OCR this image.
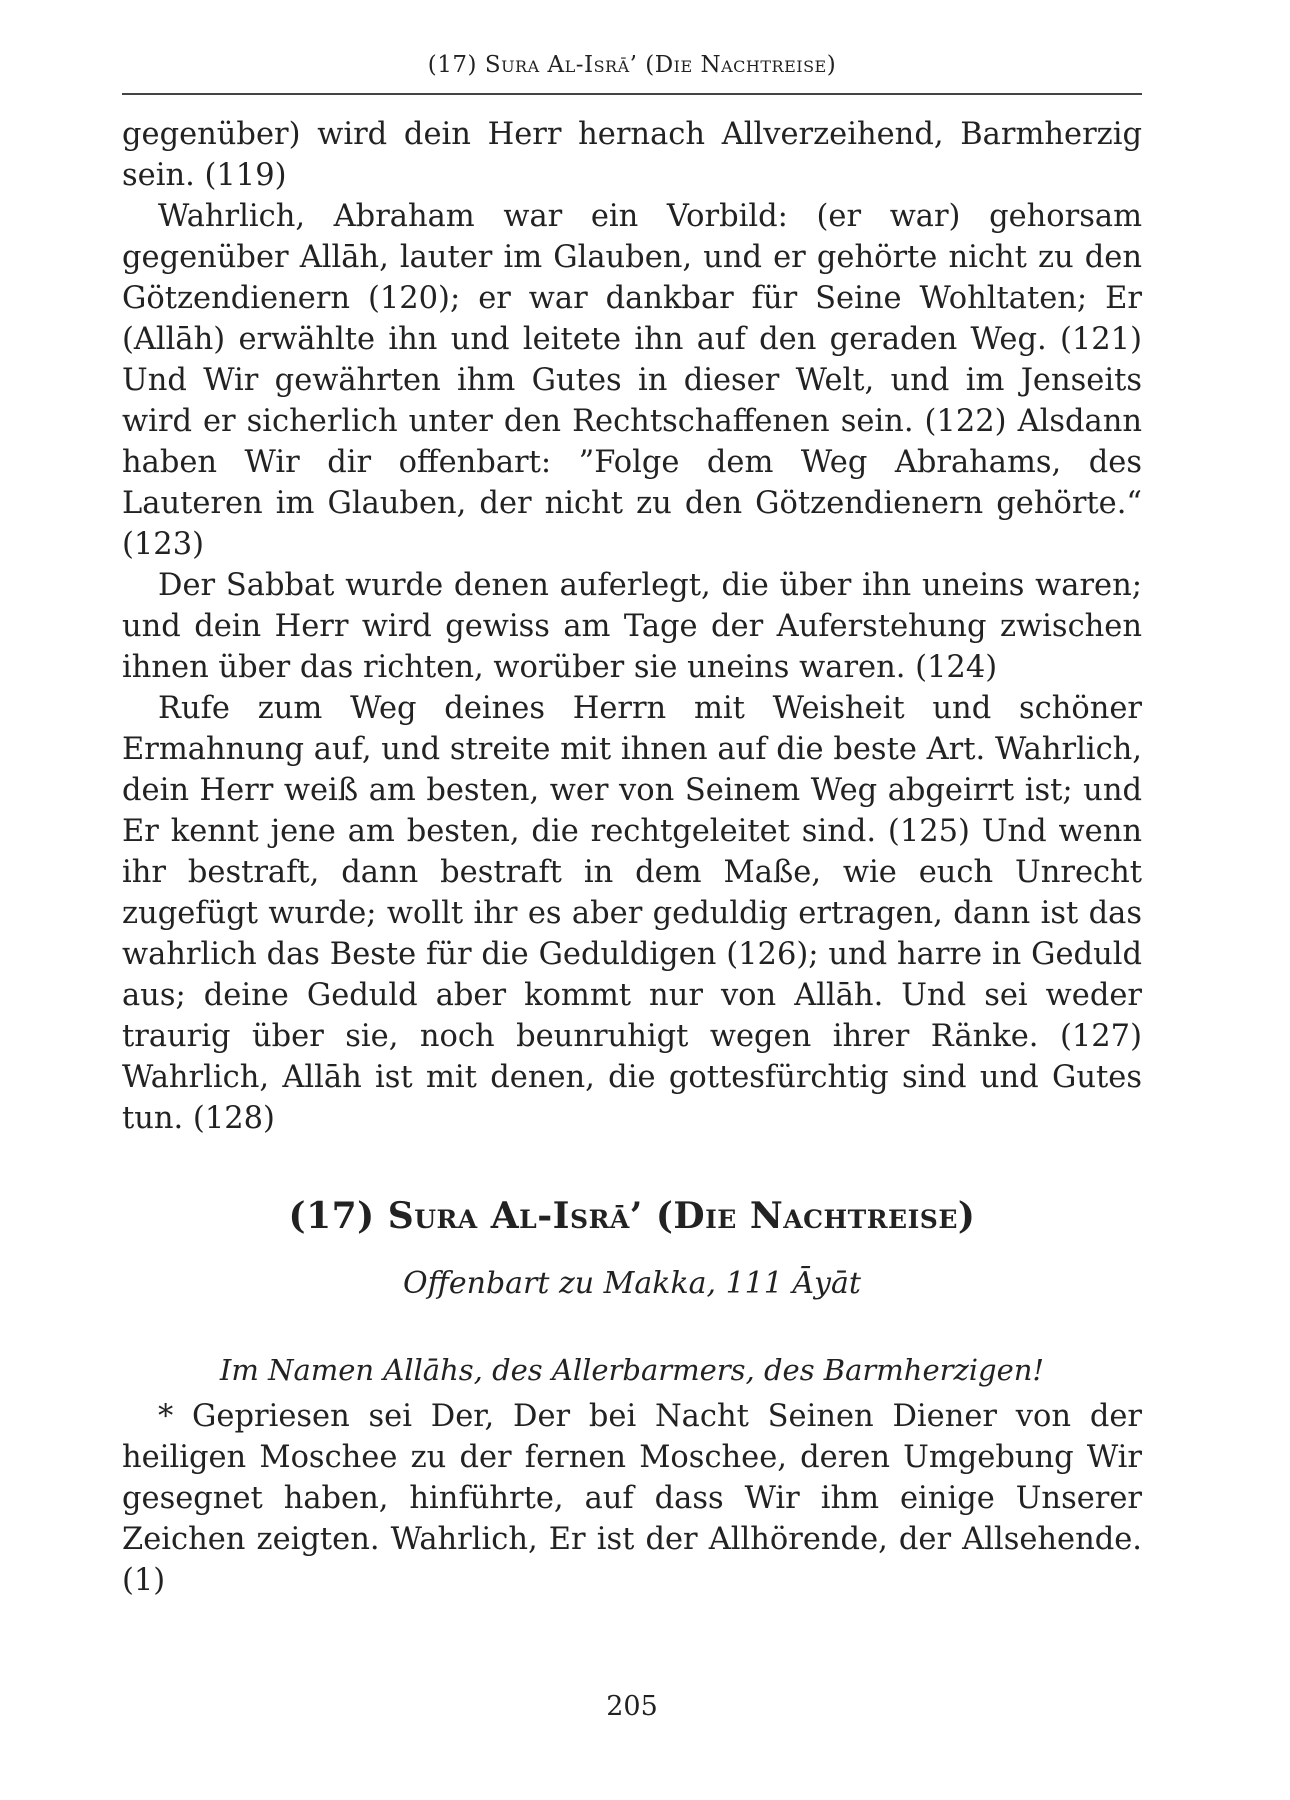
(17) Sura Al-Isrā’ (Die Nachtreise)

gegenüber) wird dein Herr hernach Allverzeihend, Barmherzig sein. (119)

Wahrlich, Abraham war ein Vorbild: (er war) gehorsam gegenüber Allāh, lauter im Glauben, und er gehörte nicht zu den Götzendienern (120); er war dankbar für Seine Wohltaten; Er (Allāh) erwählte ihn und leitete ihn auf den geraden Weg. (121) Und Wir gewährten ihm Gutes in dieser Welt, und im Jenseits wird er sicherlich unter den Rechtschaffenen sein. (122) Alsdann haben Wir dir offenbart: ”Folge dem Weg Abrahams, des Lauteren im Glauben, der nicht zu den Götzendienern gehörte.“ (123)

Der Sabbat wurde denen auferlegt, die über ihn uneins waren; und dein Herr wird gewiss am Tage der Auferstehung zwischen ihnen über das richten, worüber sie uneins waren. (124)

Rufe zum Weg deines Herrn mit Weisheit und schöner Ermahnung auf, und streite mit ihnen auf die beste Art. Wahrlich, dein Herr weiß am besten, wer von Seinem Weg abgeirrt ist; und Er kennt jene am besten, die rechtgeleitet sind. (125) Und wenn ihr bestraft, dann bestraft in dem Maße, wie euch Unrecht zugefügt wurde; wollt ihr es aber geduldig ertragen, dann ist das wahrlich das Beste für die Geduldigen (126); und harre in Geduld aus; deine Geduld aber kommt nur von Allāh. Und sei weder traurig über sie, noch beunruhigt wegen ihrer Ränke. (127) Wahrlich, Allāh ist mit denen, die gottesfürchtig sind und Gutes tun. (128)

(17) Sura Al-Isrā’ (Die Nachtreise)
Offenbart zu Makka, 111 Āyāt
Im Namen Allāhs, des Allerbarmers, des Barmherzigen!

* Gepriesen sei Der, Der bei Nacht Seinen Diener von der heiligen Moschee zu der fernen Moschee, deren Umgebung Wir gesegnet haben, hinführte, auf dass Wir ihm einige Unserer Zeichen zeigten. Wahrlich, Er ist der Allhörende, der Allsehende. (1)

205
